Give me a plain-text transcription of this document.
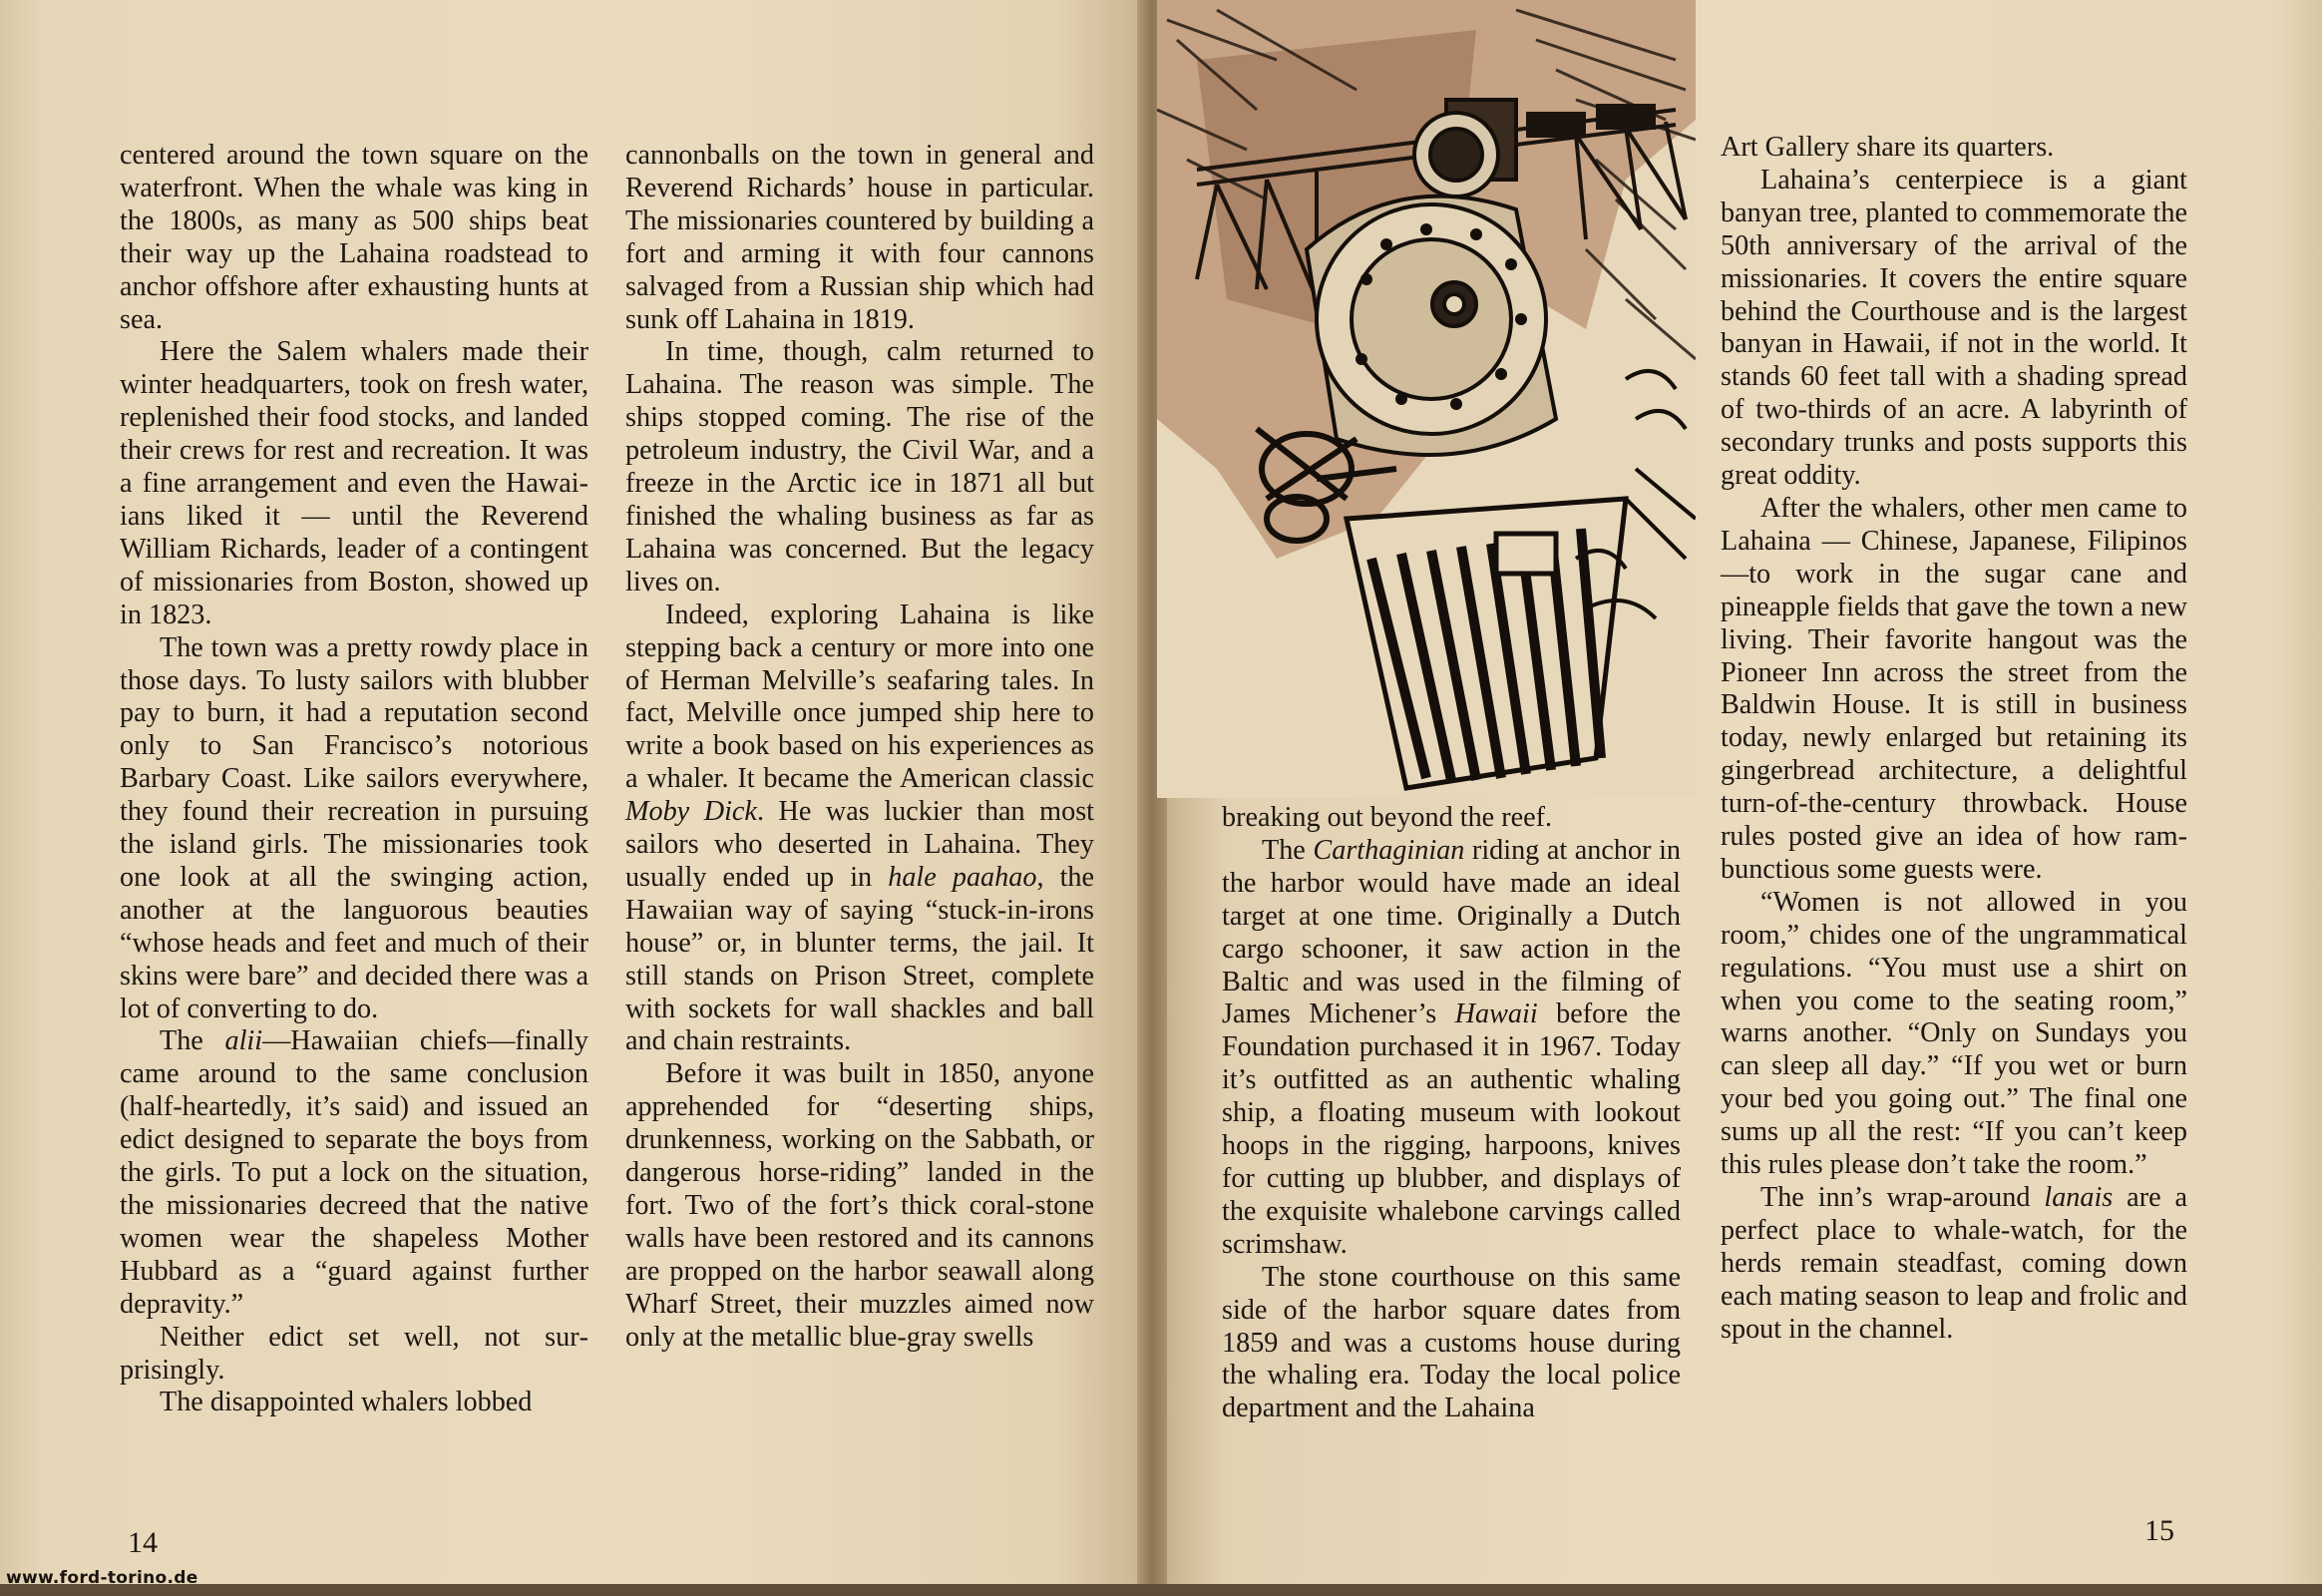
centered around the town square on the waterfront. When the whale was king in the 1800s, as many as 500 ships beat their way up the Lahaina roadstead to anchor offshore after exhausting hunts at sea.

Here the Salem whalers made their winter headquarters, took on fresh water, replenished their food stocks, and landed their crews for rest and recreation. It was a fine arrangement and even the Hawaiians liked it — until the Reverend William Richards, leader of a contingent of missionaries from Boston, showed up in 1823.

The town was a pretty rowdy place in those days. To lusty sailors with blubber pay to burn, it had a reputation second only to San Francisco’s notorious Barbary Coast. Like sailors everywhere, they found their recreation in pursuing the island girls. The missionaries took one look at all the swinging action, another at the languorous beauties “whose heads and feet and much of their skins were bare” and decided there was a lot of converting to do.

The alii—Hawaiian chiefs—finally came around to the same conclusion (half-heartedly, it’s said) and issued an edict designed to separate the boys from the girls. To put a lock on the situation, the missionaries decreed that the native women wear the shapeless Mother Hubbard as a “guard against further depravity.”

Neither edict set well, not surprisingly.

The disappointed whalers lobbed

cannonballs on the town in general and Reverend Richards’ house in particular. The missionaries countered by building a fort and arming it with four cannons salvaged from a Russian ship which had sunk off Lahaina in 1819.

In time, though, calm returned to Lahaina. The reason was simple. The ships stopped coming. The rise of the petroleum industry, the Civil War, and a freeze in the Arctic ice in 1871 all but finished the whaling business as far as Lahaina was concerned. But the legacy lives on.

Indeed, exploring Lahaina is like stepping back a century or more into one of Herman Melville’s seafaring tales. In fact, Melville once jumped ship here to write a book based on his experiences as a whaler. It became the American classic Moby Dick. He was luckier than most sailors who deserted in Lahaina. They usually ended up in hale paahao, the Hawaiian way of saying “stuck-in-irons house” or, in blunter terms, the jail. It still stands on Prison Street, complete with sockets for wall shackles and ball and chain restraints.

Before it was built in 1850, anyone apprehended for “deserting ships, drunkenness, working on the Sabbath, or dangerous horse-riding” landed in the fort. Two of the fort’s thick coral-stone walls have been restored and its cannons are propped on the harbor seawall along Wharf Street, their muzzles aimed now only at the metallic blue-gray swells

14

breaking out beyond the reef.

The Carthaginian riding at anchor in the harbor would have made an ideal target at one time. Originally a Dutch cargo schooner, it saw action in the Baltic and was used in the filming of James Michener’s Hawaii before the Foundation purchased it in 1967. Today it’s outfitted as an authentic whaling ship, a floating museum with lookout hoops in the rigging, harpoons, knives for cutting up blubber, and displays of the exquisite whalebone carvings called scrimshaw.

The stone courthouse on this same side of the harbor square dates from 1859 and was a customs house during the whaling era. Today the local police department and the Lahaina

Art Gallery share its quarters.

Lahaina’s centerpiece is a giant banyan tree, planted to commemorate the 50th anniversary of the arrival of the missionaries. It covers the entire square behind the Courthouse and is the largest banyan in Hawaii, if not in the world. It stands 60 feet tall with a shading spread of two-thirds of an acre. A labyrinth of secondary trunks and posts supports this great oddity.

After the whalers, other men came to Lahaina — Chinese, Japanese, Filipinos—to work in the sugar cane and pineapple fields that gave the town a new living. Their favorite hangout was the Pioneer Inn across the street from the Baldwin House. It is still in business today, newly enlarged but retaining its gingerbread architecture, a delightful turn-of-the-century throwback. House rules posted give an idea of how rambunctious some guests were.

“Women is not allowed in you room,” chides one of the ungrammatical regulations. “You must use a shirt on when you come to the seating room,” warns another. “Only on Sundays you can sleep all day.” “If you wet or burn your bed you going out.” The final one sums up all the rest: “If you can’t keep this rules please don’t take the room.”

The inn’s wrap-around lanais are a perfect place to whale-watch, for the herds remain steadfast, coming down each mating season to leap and frolic and spout in the channel.

15
www.ford-torino.de
